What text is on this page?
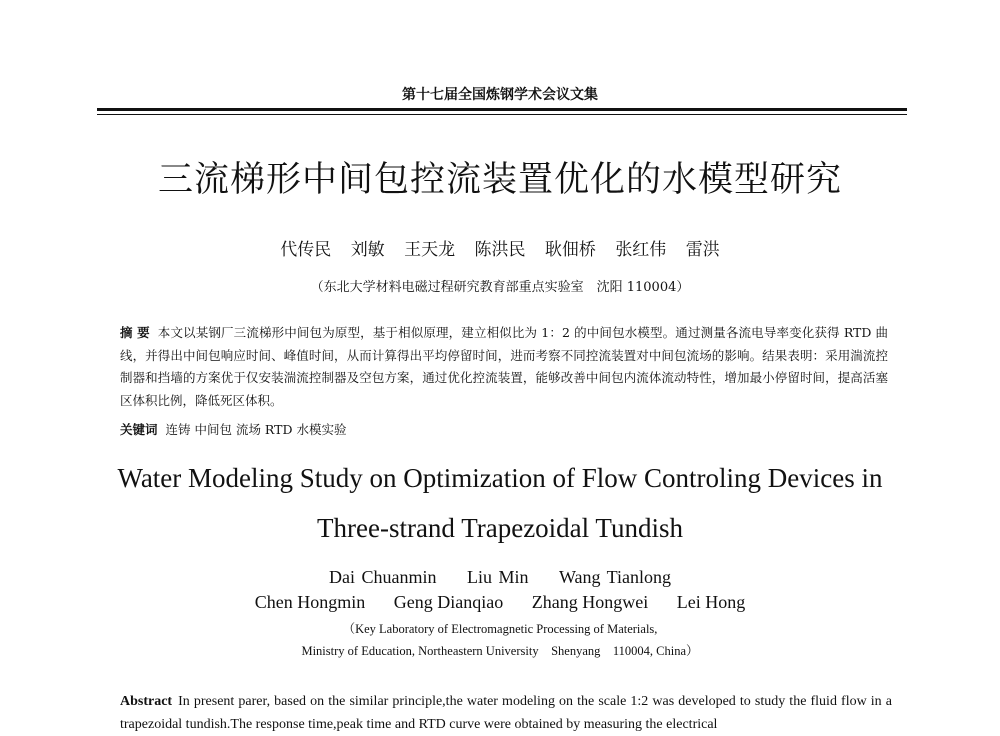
第十七届全国炼钢学术会议文集
三流梯形中间包控流装置优化的水模型研究
代传民 刘敏 王天龙 陈洪民 耿佃桥 张红伟 雷洪
（东北大学材料电磁过程研究教育部重点实验室　沈阳 110004）
摘 要 本文以某钢厂三流梯形中间包为原型，基于相似原理，建立相似比为 1：2 的中间包水模型。通过测量各流电导率变化获得 RTD 曲线，并得出中间包响应时间、峰值时间，从而计算得出平均停留时间，进而考察不同控流装置对中间包流场的影响。结果表明：采用湍流控制器和挡墙的方案优于仅安装湍流控制器及空包方案，通过优化控流装置，能够改善中间包内流体流动特性，增加最小停留时间，提高活塞区体积比例，降低死区体积。
关键词 连铸 中间包 流场 RTD 水模实验
Water Modeling Study on Optimization of Flow Controling Devices in
Three-strand Trapezoidal Tundish
Dai Chuanmin Liu Min Wang Tianlong
Chen Hongmin Geng Dianqiao Zhang Hongwei Lei Hong
（Key Laboratory of Electromagnetic Processing of Materials,
Ministry of Education, Northeastern University　Shenyang　110004, China）
Abstract In present parer, based on the similar principle,the water modeling on the scale 1:2 was developed to study the fluid flow in a trapezoidal tundish.The response time,peak time and RTD curve were obtained by measuring the electrical
